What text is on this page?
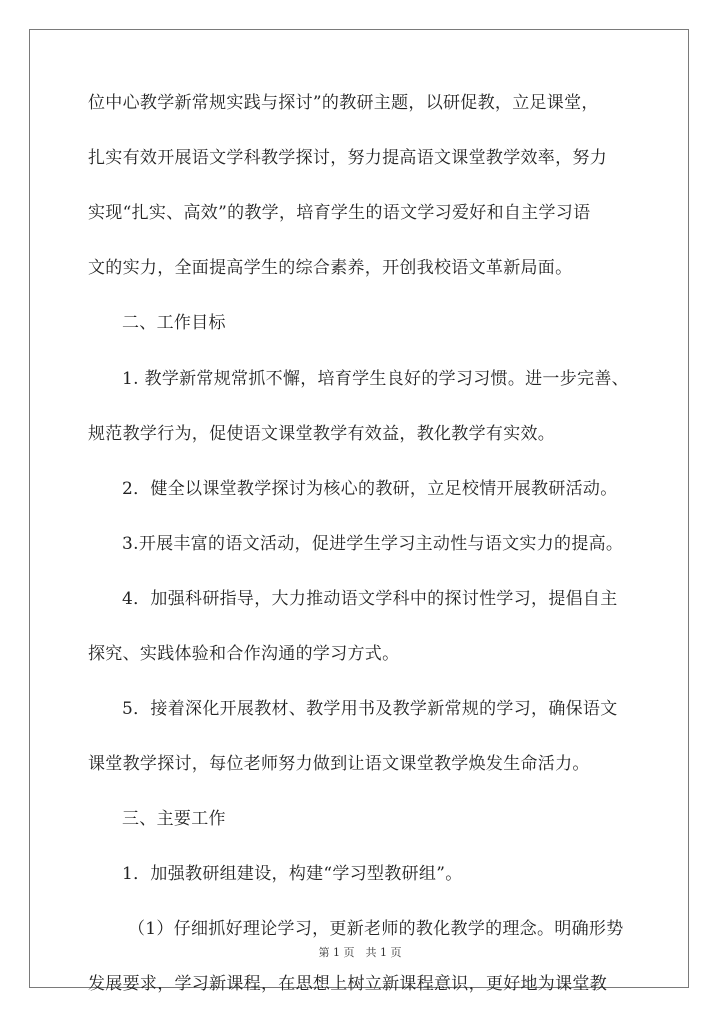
位中心教学新常规实践与探讨”的教研主题，以研促教，立足课堂，
扎实有效开展语文学科教学探讨，努力提高语文课堂教学效率，努力
实现“扎实、高效”的教学，培育学生的语文学习爱好和自主学习语
文的实力，全面提高学生的综合素养，开创我校语文革新局面。
二、工作目标
1. 教学新常规常抓不懈，培育学生良好的学习习惯。进一步完善、
规范教学行为，促使语文课堂教学有效益，教化教学有实效。
2．健全以课堂教学探讨为核心的教研，立足校情开展教研活动。
3.开展丰富的语文活动，促进学生学习主动性与语文实力的提高。
4．加强科研指导，大力推动语文学科中的探讨性学习，提倡自主
探究、实践体验和合作沟通的学习方式。
5．接着深化开展教材、教学用书及教学新常规的学习，确保语文
课堂教学探讨，每位老师努力做到让语文课堂教学焕发生命活力。
三、主要工作
1．加强教研组建设，构建“学习型教研组”。
（1）仔细抓好理论学习，更新老师的教化教学的理念。明确形势
发展要求，学习新课程，在思想上树立新课程意识，更好地为课堂教
第 1 页　共 1 页
